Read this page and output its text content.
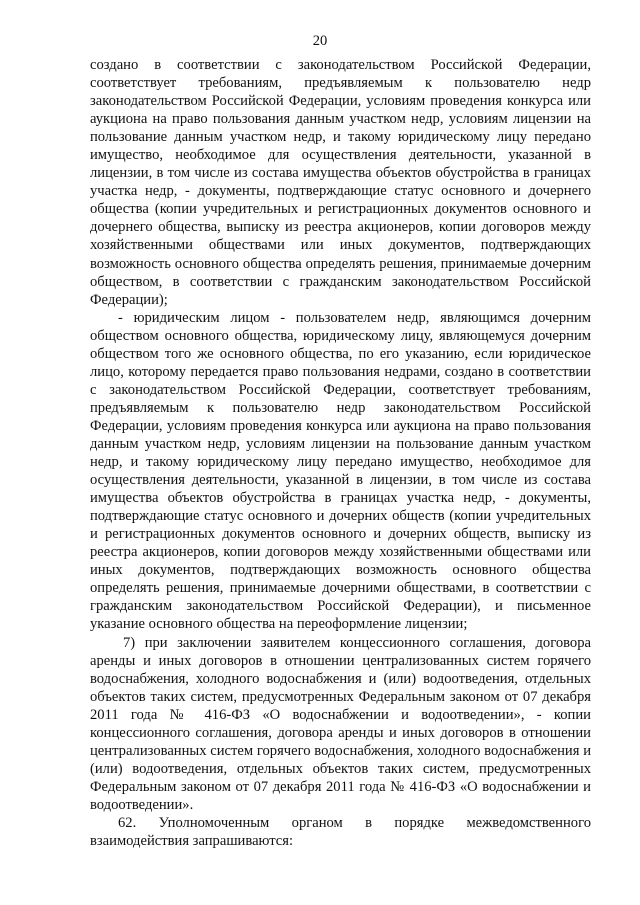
20

создано в соответствии с законодательством Российской Федерации, соответствует требованиям, предъявляемым к пользователю недр законодательством Российской Федерации, условиям проведения конкурса или аукциона на право пользования данным участком недр, условиям лицензии на пользование данным участком недр, и такому юридическому лицу передано имущество, необходимое для осуществления деятельности, указанной в лицензии, в том числе из состава имущества объектов обустройства в границах участка недр, - документы, подтверждающие статус основного и дочернего общества (копии учредительных и регистрационных документов основного и дочернего общества, выписку из реестра акционеров, копии договоров между хозяйственными обществами или иных документов, подтверждающих возможность основного общества определять решения, принимаемые дочерним обществом, в соответствии с гражданским законодательством Российской Федерации);

- юридическим лицом - пользователем недр, являющимся дочерним обществом основного общества, юридическому лицу, являющемуся дочерним обществом того же основного общества, по его указанию, если юридическое лицо, которому передается право пользования недрами, создано в соответствии с законодательством Российской Федерации, соответствует требованиям, предъявляемым к пользователю недр законодательством Российской Федерации, условиям проведения конкурса или аукциона на право пользования данным участком недр, условиям лицензии на пользование данным участком недр, и такому юридическому лицу передано имущество, необходимое для осуществления деятельности, указанной в лицензии, в том числе из состава имущества объектов обустройства в границах участка недр, - документы, подтверждающие статус основного и дочерних обществ (копии учредительных и регистрационных документов основного и дочерних обществ, выписку из реестра акционеров, копии договоров между хозяйственными обществами или иных документов, подтверждающих возможность основного общества определять решения, принимаемые дочерними обществами, в соответствии с гражданским законодательством Российской Федерации), и письменное указание основного общества на переоформление лицензии;

7) при заключении заявителем концессионного соглашения, договора аренды и иных договоров в отношении централизованных систем горячего водоснабжения, холодного водоснабжения и (или) водоотведения, отдельных объектов таких систем, предусмотренных Федеральным законом от 07 декабря 2011 года № 416-ФЗ «О водоснабжении и водоотведении», - копии концессионного соглашения, договора аренды и иных договоров в отношении централизованных систем горячего водоснабжения, холодного водоснабжения и (или) водоотведения, отдельных объектов таких систем, предусмотренных Федеральным законом от 07 декабря 2011 года № 416-ФЗ «О водоснабжении и водоотведении».

62. Уполномоченным органом в порядке межведомственного взаимодействия запрашиваются:
